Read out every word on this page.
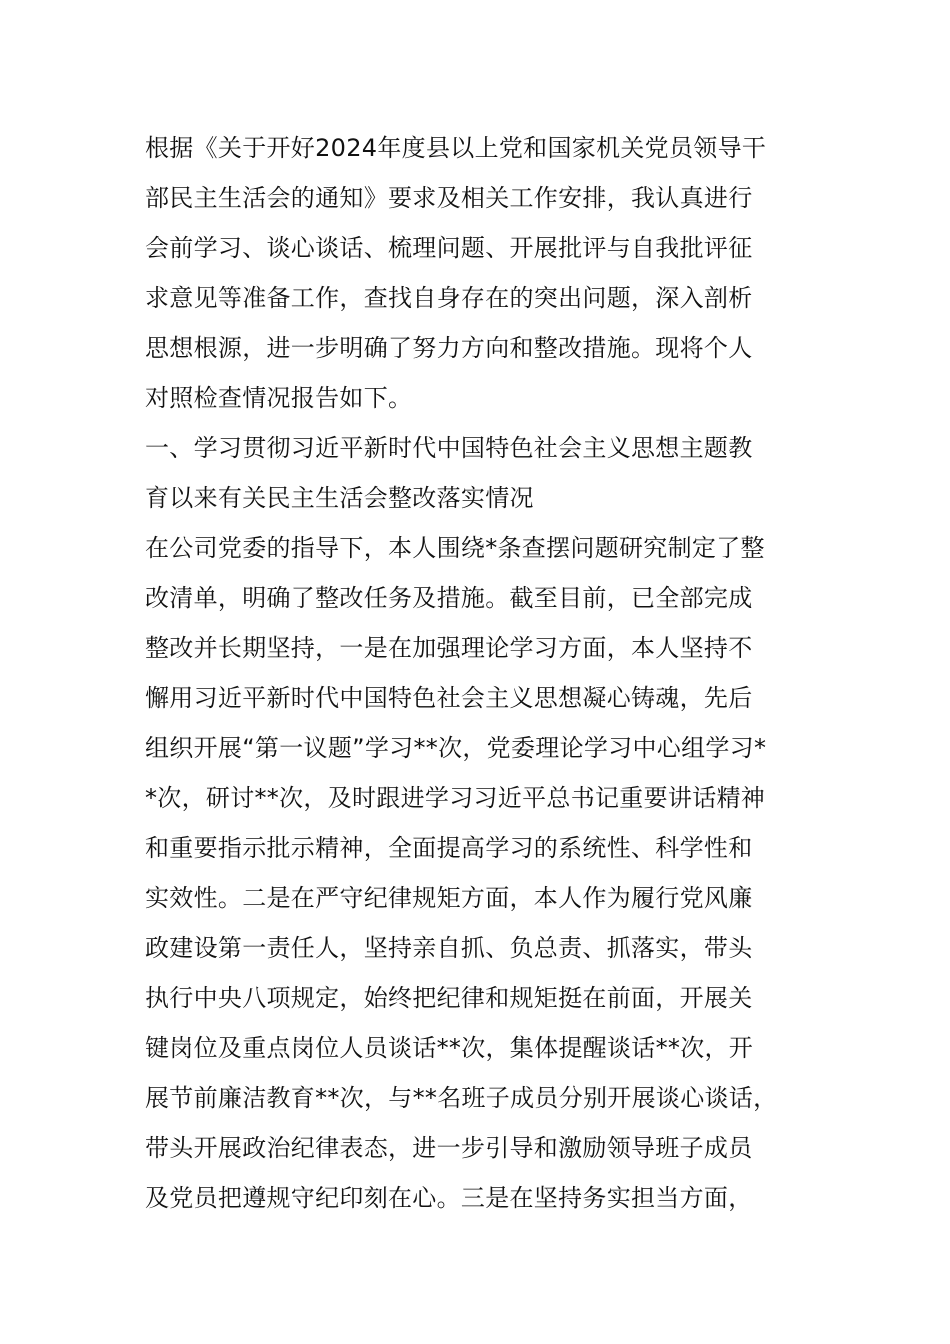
根据《关于开好2024年度县以上党和国家机关党员领导干
部民主生活会的通知》要求及相关工作安排，我认真进行
会前学习、谈心谈话、梳理问题、开展批评与自我批评征
求意见等准备工作，查找自身存在的突出问题，深入剖析
思想根源，进一步明确了努力方向和整改措施。现将个人
对照检查情况报告如下。
一、学习贯彻习近平新时代中国特色社会主义思想主题教
育以来有关民主生活会整改落实情况
在公司党委的指导下，本人围绕*条查摆问题研究制定了整
改清单，明确了整改任务及措施。截至目前，已全部完成
整改并长期坚持，一是在加强理论学习方面，本人坚持不
懈用习近平新时代中国特色社会主义思想凝心铸魂，先后
组织开展“第一议题”学习**次，党委理论学习中心组学习*
*次，研讨**次，及时跟进学习习近平总书记重要讲话精神
和重要指示批示精神，全面提高学习的系统性、科学性和
实效性。二是在严守纪律规矩方面，本人作为履行党风廉
政建设第一责任人，坚持亲自抓、负总责、抓落实，带头
执行中央八项规定，始终把纪律和规矩挺在前面，开展关
键岗位及重点岗位人员谈话**次，集体提醒谈话**次，开
展节前廉洁教育**次，与**名班子成员分别开展谈心谈话，
带头开展政治纪律表态，进一步引导和激励领导班子成员
及党员把遵规守纪印刻在心。三是在坚持务实担当方面，
